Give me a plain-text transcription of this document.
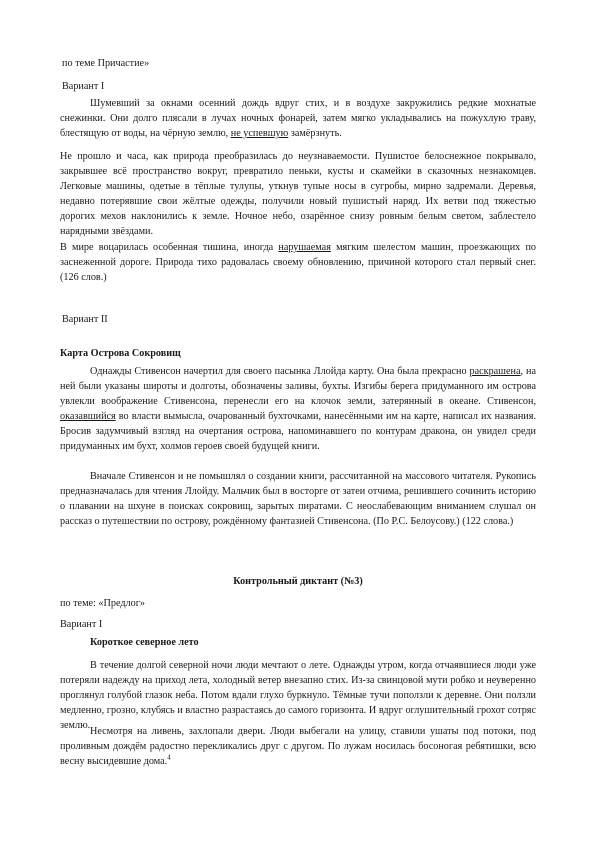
по теме Причастие»

Вариант I

Шумевший за окнами осенний дождь вдруг стих, и в воздухе закружились редкие мохнатые снежинки. Они долго плясали в лучах ночных фонарей, затем мягко укладывались на пожухлую траву, блестящую от воды, на чёрную землю, не успевшую замёрзнуть.

Не прошло и часа, как природа преобразилась до неузнаваемости. Пушистое белоснежное покрывало, закрывшее всё пространство вокруг, превратило пеньки, кусты и скамейки в сказочных незнакомцев. Легковые машины, одетые в тёплые тулупы, уткнув тупые носы в сугробы, мирно задремали. Деревья, недавно потерявшие свои жёлтые одежды, получили новый пушистый наряд. Их ветви под тяжестью дорогих мехов наклонились к земле. Ночное небо, озарённое снизу ровным белым светом, заблестело нарядными звёздами.

В мире воцарилась особенная тишина, иногда нарушаемая мягким шелестом машин, проезжающих по заснеженной дороге. Природа тихо радовалась своему обновлению, причиной которого стал первый снег. (126 слов.)

Вариант II

Карта Острова Сокровищ

Однажды Стивенсон начертил для своего пасынка Ллойда карту. Она была прекрасно раскрашена, на ней были указаны широты и долготы, обозначены заливы, бухты. Изгибы берега придуманного им острова увлекли воображение Стивенсона, перенесли его на клочок земли, затерянный в океане. Стивенсон, оказавшийся во власти вымысла, очарованный бухточками, нанесёнными им на карте, написал их названия. Бросив задумчивый взгляд на очертания острова, напоминавшего по контурам дракона, он увидел среди придуманных им бухт, холмов героев своей будущей книги.

Вначале Стивенсон и не помышлял о создании книги, рассчитанной на массового читателя. Рукопись предназначалась для чтения Ллойду. Мальчик был в восторге от затеи отчима, решившего сочинить историю о плавании на шхуне в поисках сокровищ, зарытых пиратами. С неослабевающим вниманием слушал он рассказ о путешествии по острову, рождённому фантазией Стивенсона. (По Р.С. Белоусову.) (122 слова.)

Контрольный диктант (№3)

по теме: «Предлог»

Вариант I

Короткое северное лето

В течение долгой северной ночи люди мечтают о лете. Однажды утром, когда отчаявшиеся люди уже потеряли надежду на приход лета, холодный ветер внезапно стих. Из-за свинцовой мути робко и неуверенно проглянул голубой глазок неба. Потом вдали глухо буркнуло. Тёмные тучи поползли к деревне. Они ползли медленно, грозно, клубясь и властно разрастаясь до самого горизонта. И вдруг оглушительный грохот сотряс землю.

Несмотря на ливень, захлопали двери. Люди выбегали на улицу, ставили ушаты под потоки, под проливным дождём радостно перекликались друг с другом. По лужам носилась босоногая ребятишки, всю весну высидевшие дома.$^4$
